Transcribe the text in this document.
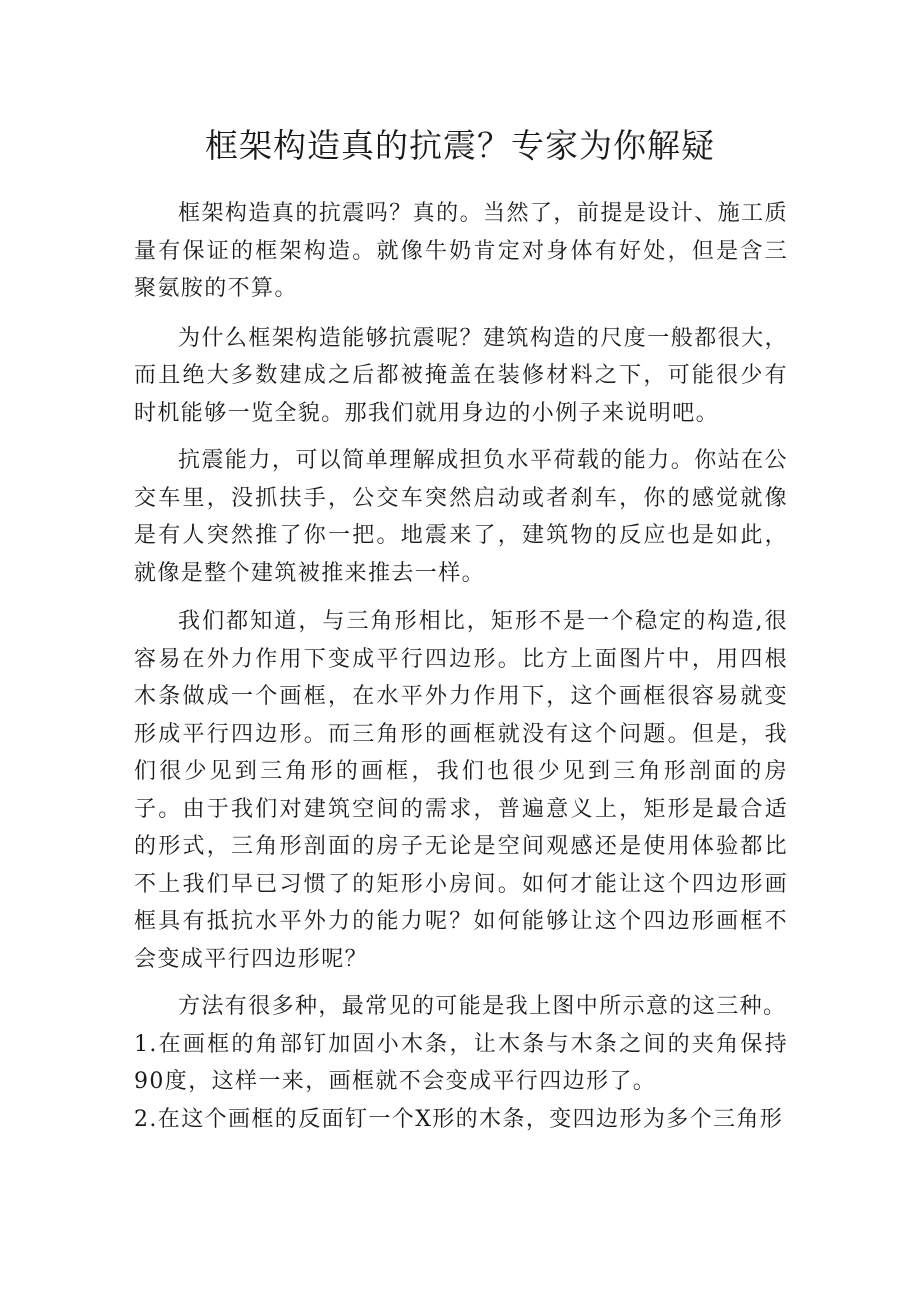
框架构造真的抗震？专家为你解疑

框架构造真的抗震吗？真的。当然了，前提是设计、施工质量有保证的框架构造。就像牛奶肯定对身体有好处，但是含三聚氨胺的不算。

为什么框架构造能够抗震呢？建筑构造的尺度一般都很大，而且绝大多数建成之后都被掩盖在装修材料之下，可能很少有时机能够一览全貌。那我们就用身边的小例子来说明吧。

抗震能力，可以简单理解成担负水平荷载的能力。你站在公交车里，没抓扶手，公交车突然启动或者刹车，你的感觉就像是有人突然推了你一把。地震来了，建筑物的反应也是如此，就像是整个建筑被推来推去一样。

我们都知道，与三角形相比，矩形不是一个稳定的构造,很容易在外力作用下变成平行四边形。比方上面图片中，用四根木条做成一个画框，在水平外力作用下，这个画框很容易就变形成平行四边形。而三角形的画框就没有这个问题。但是，我们很少见到三角形的画框，我们也很少见到三角形剖面的房子。由于我们对建筑空间的需求，普遍意义上，矩形是最合适的形式，三角形剖面的房子无论是空间观感还是使用体验都比不上我们早已习惯了的矩形小房间。如何才能让这个四边形画框具有抵抗水平外力的能力呢？如何能够让这个四边形画框不会变成平行四边形呢？

方法有很多种，最常见的可能是我上图中所示意的这三种。

1.在画框的角部钉加固小木条，让木条与木条之间的夹角保持90度，这样一来，画框就不会变成平行四边形了。

2.在这个画框的反面钉一个X形的木条，变四边形为多个三角形
